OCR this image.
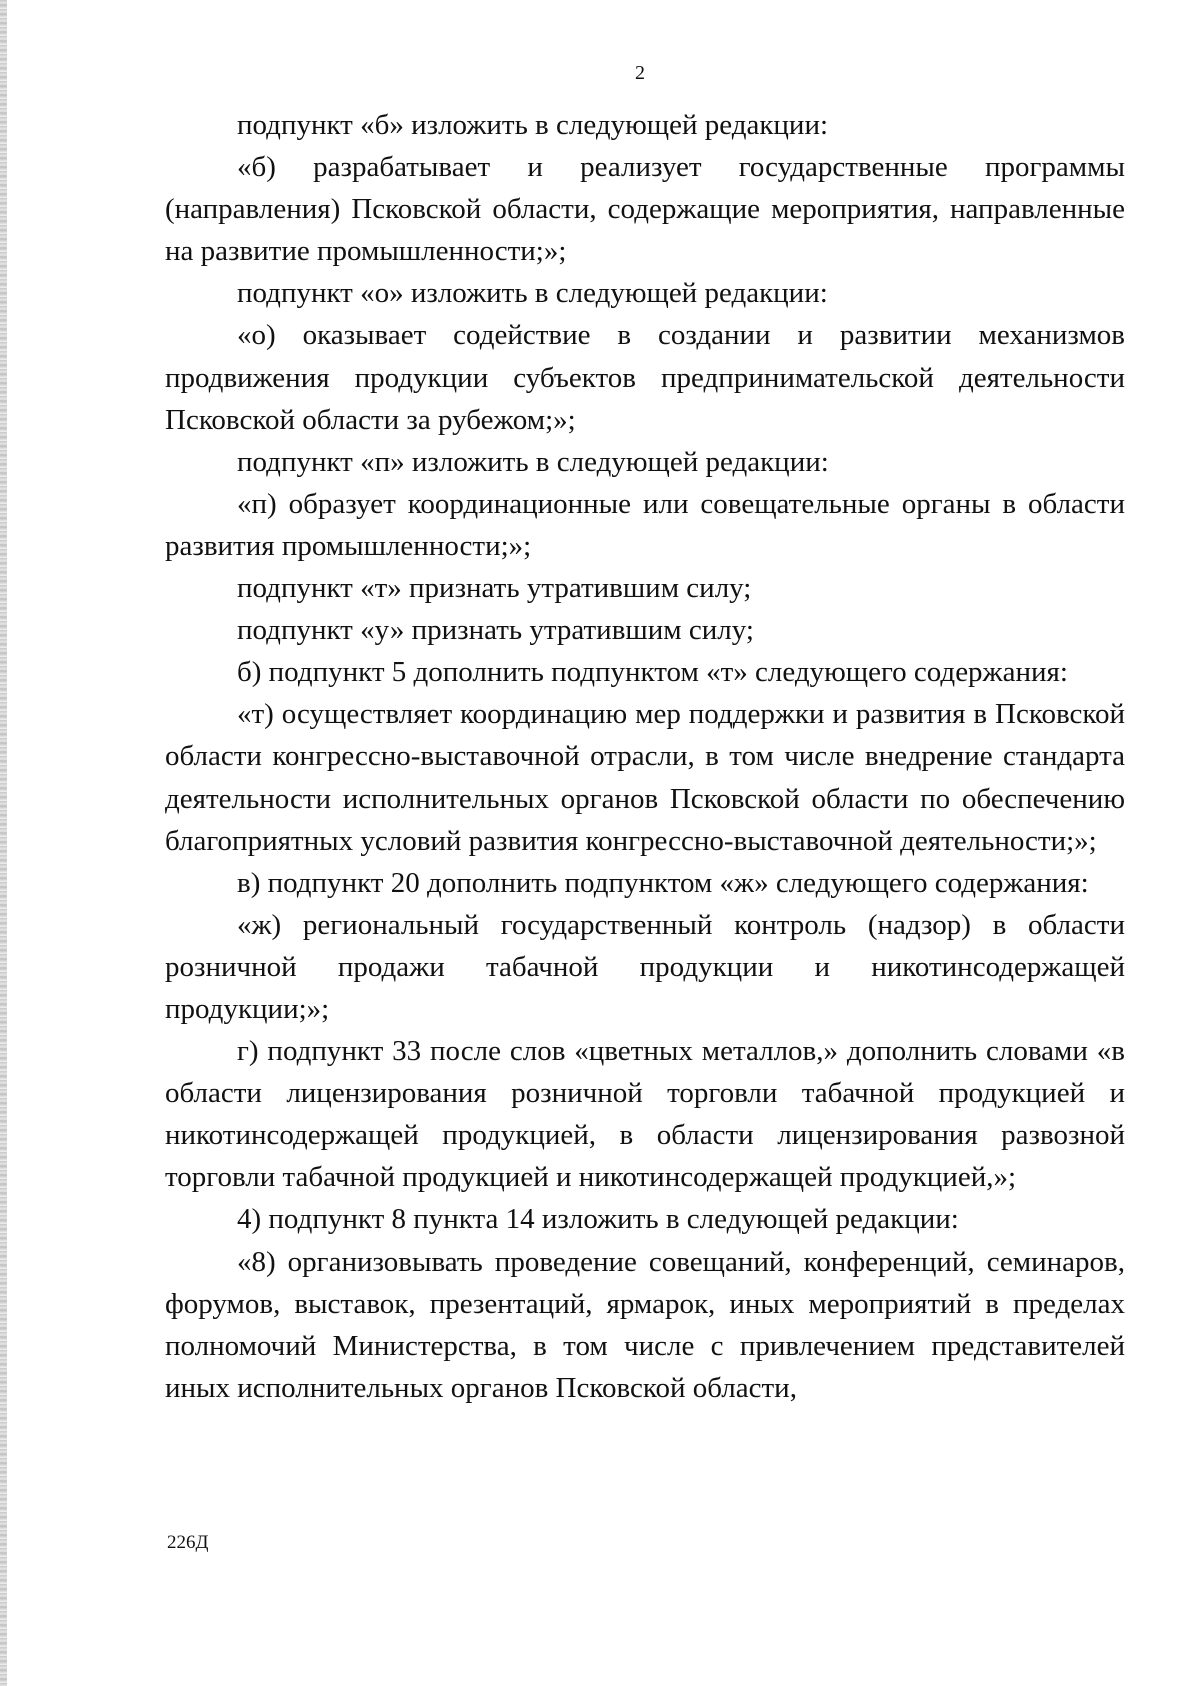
2

подпункт «б» изложить в следующей редакции:

«б) разрабатывает и реализует государственные программы (направления) Псковской области, содержащие мероприятия, направленные на развитие промышленности;»;

подпункт «о» изложить в следующей редакции:

«о) оказывает содействие в создании и развитии механизмов продвижения продукции субъектов предпринимательской деятельности Псковской области за рубежом;»;

подпункт «п» изложить в следующей редакции:

«п) образует координационные или совещательные органы в области развития промышленности;»;

подпункт «т» признать утратившим силу;

подпункт «у» признать утратившим силу;

б) подпункт 5 дополнить подпунктом «т» следующего содержания:

«т) осуществляет координацию мер поддержки и развития в Псковской области конгрессно-выставочной отрасли, в том числе внедрение стандарта деятельности исполнительных органов Псковской области по обеспечению благоприятных условий развития конгрессно-выставочной деятельности;»;

в) подпункт 20 дополнить подпунктом «ж» следующего содержания:

«ж) региональный государственный контроль (надзор) в области розничной продажи табачной продукции и никотинсодержащей продукции;»;

г) подпункт 33 после слов «цветных металлов,» дополнить словами «в области лицензирования розничной торговли табачной продукцией и никотинсодержащей продукцией, в области лицензирования развозной торговли табачной продукцией и никотинсодержащей продукцией,»;

4) подпункт 8 пункта 14 изложить в следующей редакции:

«8) организовывать проведение совещаний, конференций, семинаров, форумов, выставок, презентаций, ярмарок, иных мероприятий в пределах полномочий Министерства, в том числе с привлечением представителей иных исполнительных органов Псковской области,

226Д
